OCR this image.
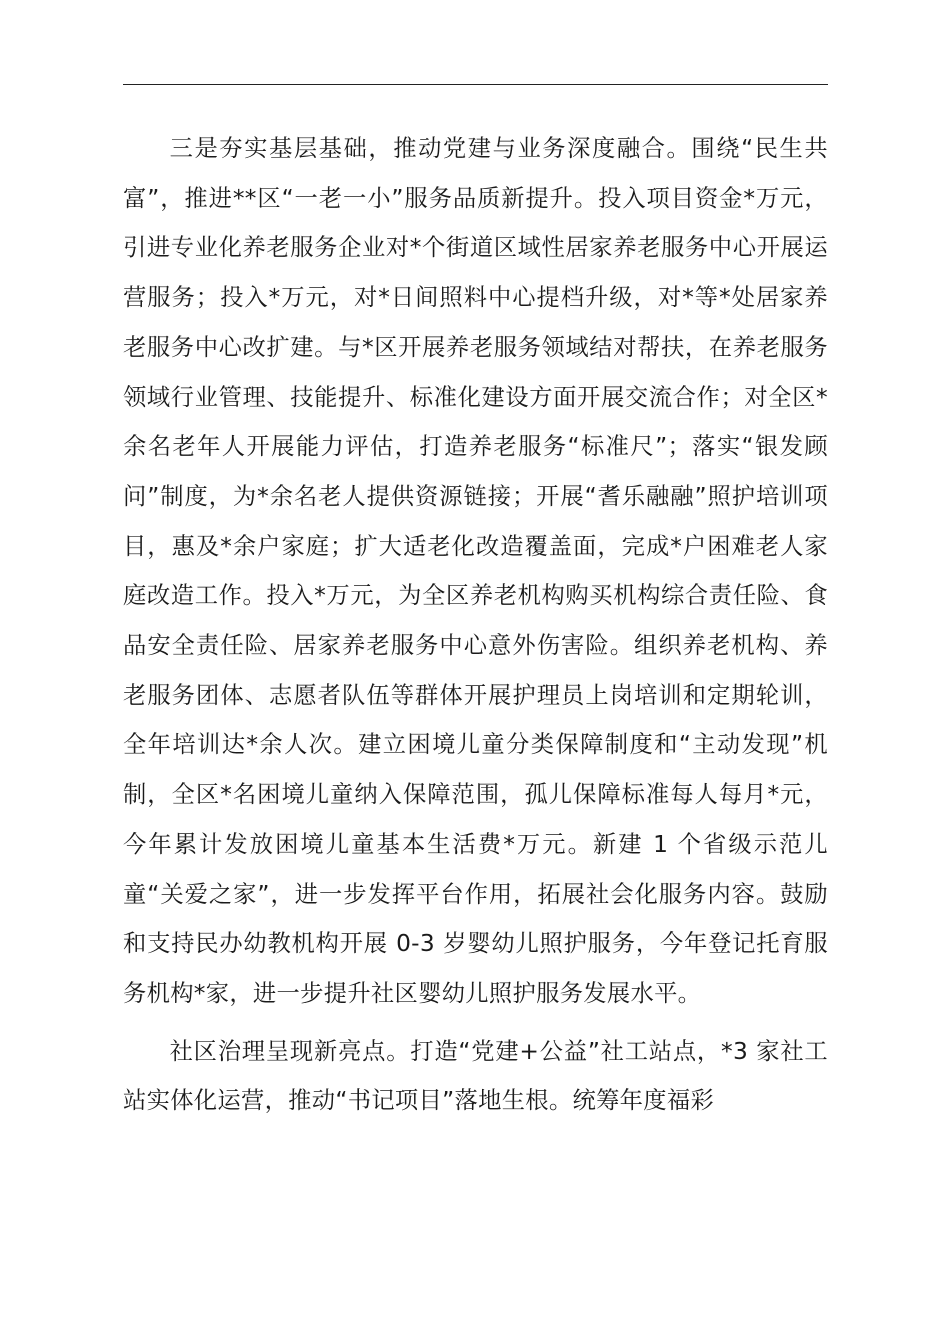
三是夯实基层基础，推动党建与业务深度融合。围绕“民生共富”，推进**区“一老一小”服务品质新提升。投入项目资金*万元，引进专业化养老服务企业对*个街道区域性居家养老服务中心开展运营服务；投入*万元，对*日间照料中心提档升级，对*等*处居家养老服务中心改扩建。与*区开展养老服务领域结对帮扶，在养老服务领域行业管理、技能提升、标准化建设方面开展交流合作；对全区*余名老年人开展能力评估，打造养老服务“标准尺”；落实“银发顾问”制度，为*余名老人提供资源链接；开展“耆乐融融”照护培训项目，惠及*余户家庭；扩大适老化改造覆盖面，完成*户困难老人家庭改造工作。投入*万元，为全区养老机构购买机构综合责任险、食品安全责任险、居家养老服务中心意外伤害险。组织养老机构、养老服务团体、志愿者队伍等群体开展护理员上岗培训和定期轮训，全年培训达*余人次。建立困境儿童分类保障制度和“主动发现”机制，全区*名困境儿童纳入保障范围，孤儿保障标准每人每月*元，今年累计发放困境儿童基本生活费*万元。新建 1 个省级示范儿童“关爱之家”，进一步发挥平台作用，拓展社会化服务内容。鼓励和支持民办幼教机构开展 0-3 岁婴幼儿照护服务，今年登记托育服务机构*家，进一步提升社区婴幼儿照护服务发展水平。

社区治理呈现新亮点。打造“党建+公益”社工站点，*3 家社工站实体化运营，推动“书记项目”落地生根。统筹年度福彩
